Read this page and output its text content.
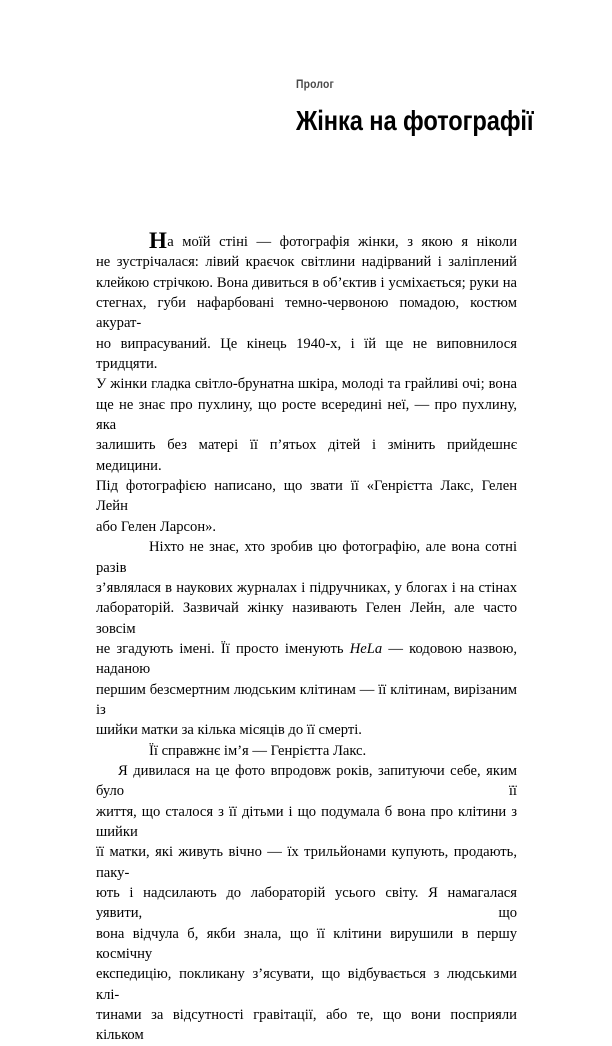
Пролог
Жінка на фотографії

На моїй стіні — фотографія жінки, з якою я ніколи
не зустрічалася: лівий краєчок світлини надірваний і заліплений
клейкою стрічкою. Вона дивиться в об’єктив і усміхається; руки на
стегнах, губи нафарбовані темно-червоною помадою, костюм акурат-
но випрасуваний. Це кінець 1940-х, і їй ще не виповнилося тридцяти.
У жінки гладка світло-брунатна шкіра, молоді та грайливі очі; вона
ще не знає про пухлину, що росте всередині неї, — про пухлину, яка
залишить без матері її п’ятьох дітей і змінить прийдешнє медицини.
Під фотографією написано, що звати її «Генрієтта Лакс, Гелен Лейн
або Гелен Ларсон».

Ніхто не знає, хто зробив цю фотографію, але вона сотні разів
з’являлася в наукових журналах і підручниках, у блогах і на стінах
лабораторій. Зазвичай жінку називають Гелен Лейн, але часто зовсім
не згадують імені. Її просто іменують HeLa — кодовою назвою, наданою
першим безсмертним людським клітинам — її клітинам, вирізаним із
шийки матки за кілька місяців до її смерті.

Її справжнє ім’я — Генрієтта Лакс.

Я дивилася на це фото впродовж років, запитуючи себе, яким було її
життя, що сталося з її дітьми і що подумала б вона про клітини з шийки
її матки, які живуть вічно — їх трильйонами купують, продають, паку-
ють і надсилають до лабораторій усього світу. Я намагалася уявити, що
вона відчула б, якби знала, що її клітини вирушили в першу космічну
експедицію, покликану з’ясувати, що відбувається з людськими клі-
тинами за відсутності гравітації, або те, що вони посприяли кільком
